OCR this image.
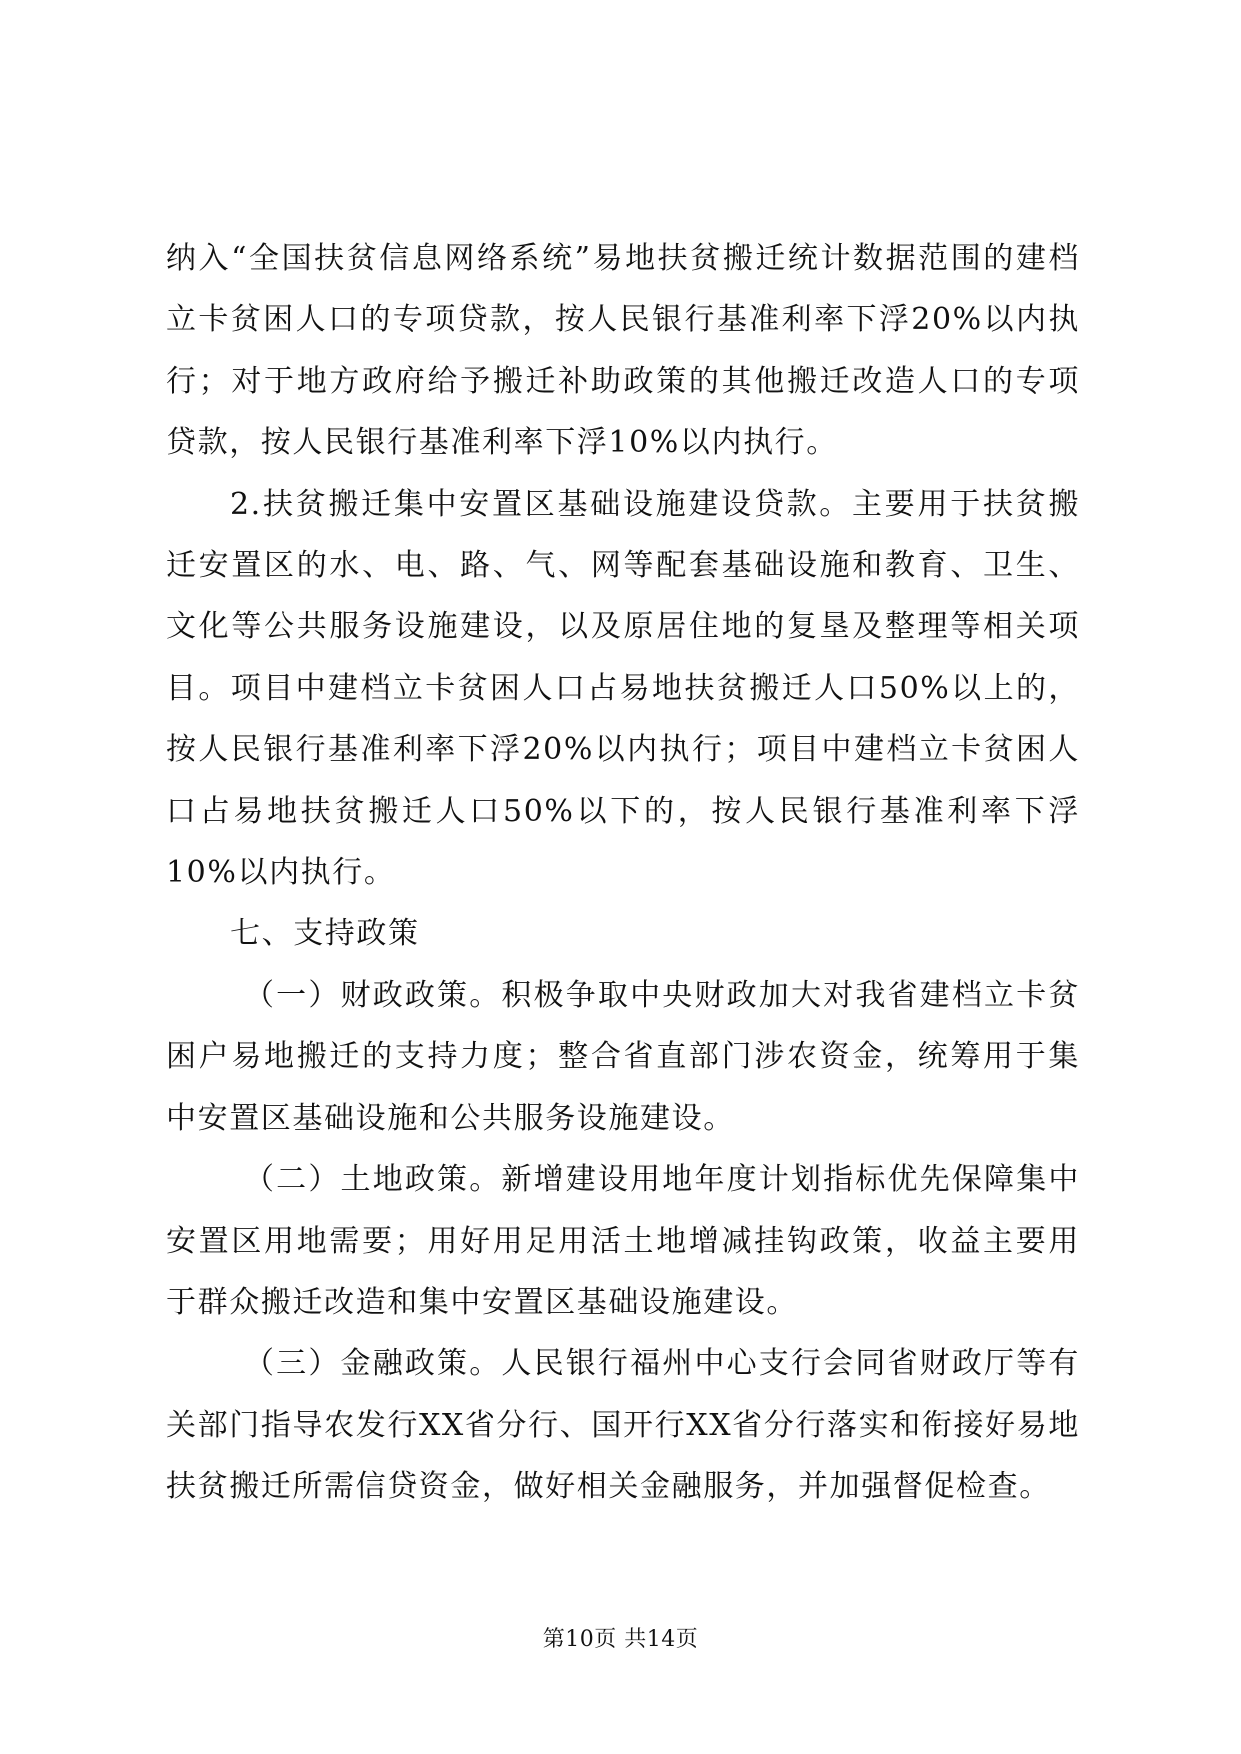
纳入“全国扶贫信息网络系统”易地扶贫搬迁统计数据范围的建档立卡贫困人口的专项贷款，按人民银行基准利率下浮20%以内执行；对于地方政府给予搬迁补助政策的其他搬迁改造人口的专项贷款，按人民银行基准利率下浮10%以内执行。

2.扶贫搬迁集中安置区基础设施建设贷款。主要用于扶贫搬迁安置区的水、电、路、气、网等配套基础设施和教育、卫生、文化等公共服务设施建设，以及原居住地的复垦及整理等相关项目。项目中建档立卡贫困人口占易地扶贫搬迁人口50%以上的，按人民银行基准利率下浮20%以内执行；项目中建档立卡贫困人口占易地扶贫搬迁人口50%以下的，按人民银行基准利率下浮10%以内执行。

七、支持政策

（一）财政政策。积极争取中央财政加大对我省建档立卡贫困户易地搬迁的支持力度；整合省直部门涉农资金，统筹用于集中安置区基础设施和公共服务设施建设。

（二）土地政策。新增建设用地年度计划指标优先保障集中安置区用地需要；用好用足用活土地增减挂钩政策，收益主要用于群众搬迁改造和集中安置区基础设施建设。

（三）金融政策。人民银行福州中心支行会同省财政厅等有关部门指导农发行XX省分行、国开行XX省分行落实和衔接好易地扶贫搬迁所需信贷资金，做好相关金融服务，并加强督促检查。

第10页 共14页
